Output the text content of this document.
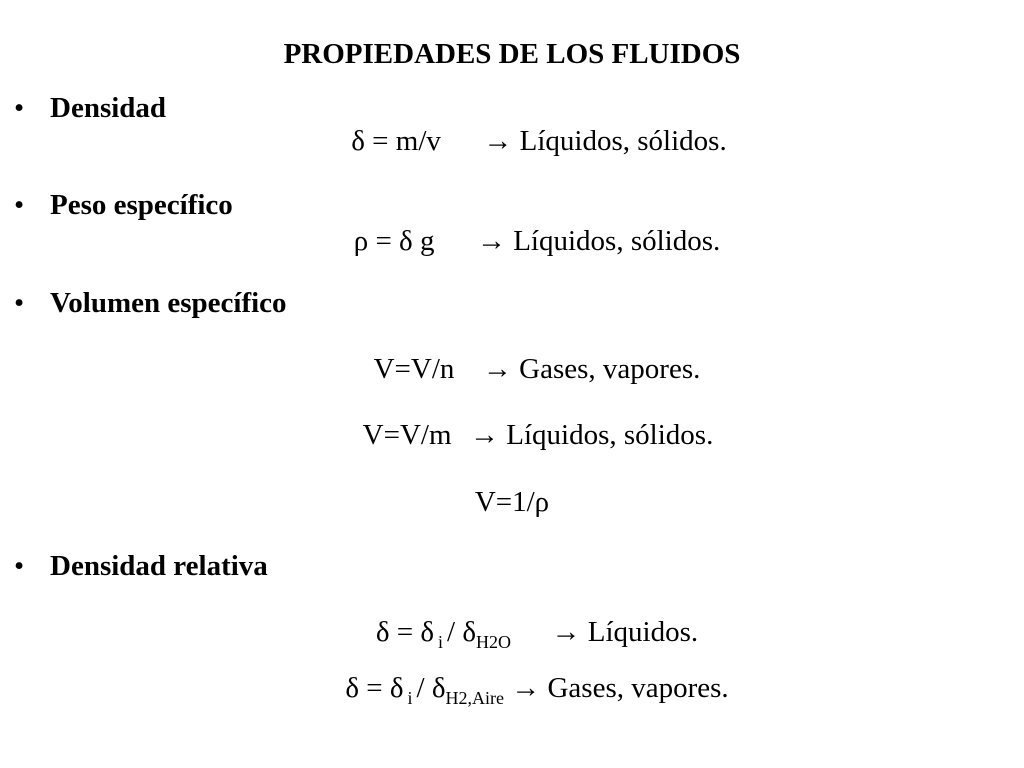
PROPIEDADES DE LOS FLUIDOS
• Densidad
δ = m/v → Líquidos, sólidos.
• Peso específico
ρ = δ g → Líquidos, sólidos.
• Volumen específico
V=V/n → Gases, vapores.
V=V/m → Líquidos, sólidos.
V=1/ρ
• Densidad relativa
δ = δ $_i / \delta_{H2O}$ → Líquidos.
δ = δ $_i / \delta_{H2,Aire}$ → Gases, vapores.
